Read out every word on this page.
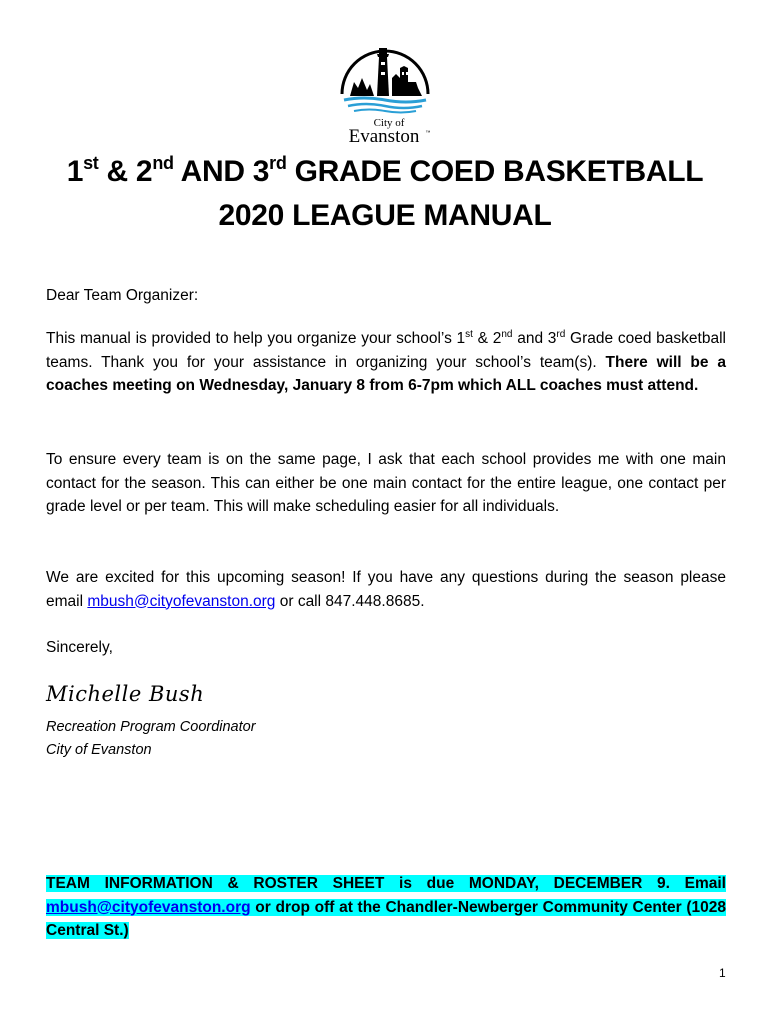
City of
Evanston ™
1st & 2nd AND 3rd GRADE COED BASKETBALL
2020 LEAGUE MANUAL
Dear Team Organizer:
This manual is provided to help you organize your school’s 1st & 2nd and 3rd Grade coed basketball teams. Thank you for your assistance in organizing your school’s team(s). There will be a coaches meeting on Wednesday, January 8 from 6-7pm which ALL coaches must attend.
To ensure every team is on the same page, I ask that each school provides me with one main contact for the season. This can either be one main contact for the entire league, one contact per grade level or per team. This will make scheduling easier for all individuals.
We are excited for this upcoming season! If you have any questions during the season please email mbush@cityofevanston.org or call 847.448.8685.
Sincerely,
Michelle Bush
Recreation Program Coordinator
City of Evanston
TEAM INFORMATION & ROSTER SHEET is due MONDAY, DECEMBER 9. Email mbush@cityofevanston.org or drop off at the Chandler-Newberger Community Center (1028 Central St.)
1
